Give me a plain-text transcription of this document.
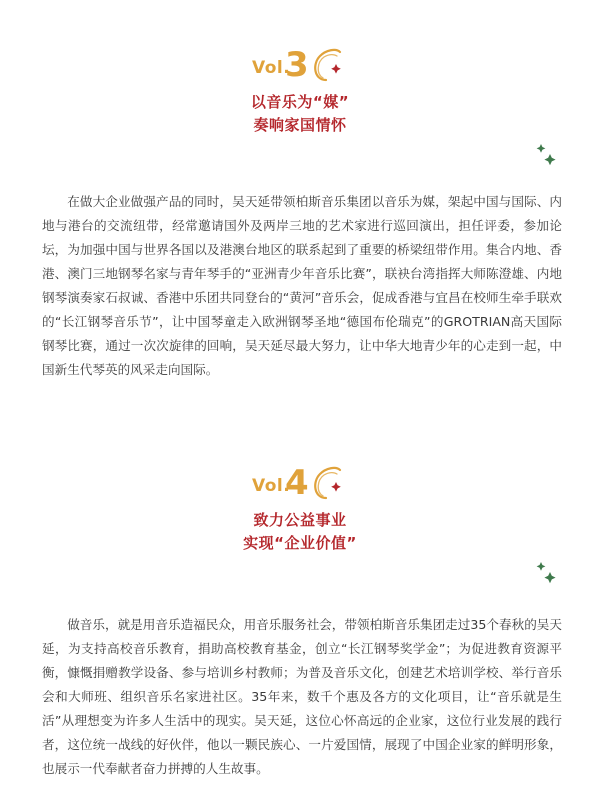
Vol.
3
以音乐为“媒”
奏响家国情怀

在做大企业做强产品的同时，吴天延带领柏斯音乐集团以音乐为媒，架起中国与国际、内地与港台的交流纽带，经常邀请国外及两岸三地的艺术家进行巡回演出，担任评委，参加论坛，为加强中国与世界各国以及港澳台地区的联系起到了重要的桥梁纽带作用。集合内地、香港、澳门三地钢琴名家与青年琴手的“亚洲青少年音乐比赛”，联袂台湾指挥大师陈澄雄、内地钢琴演奏家石叔诚、香港中乐团共同登台的“黄河”音乐会，促成香港与宜昌在校师生牵手联欢的“长江钢琴音乐节”，让中国琴童走入欧洲钢琴圣地“德国布伦瑞克”的GROTRIAN高天国际钢琴比赛，通过一次次旋律的回响，吴天延尽最大努力，让中华大地青少年的心走到一起，中国新生代琴英的风采走向国际。

Vol.
4
致力公益事业
实现“企业价值”

做音乐，就是用音乐造福民众，用音乐服务社会，带领柏斯音乐集团走过35个春秋的吴天延，为支持高校音乐教育，捐助高校教育基金，创立“长江钢琴奖学金”；为促进教育资源平衡，慷慨捐赠教学设备、参与培训乡村教师；为普及音乐文化，创建艺术培训学校、举行音乐会和大师班、组织音乐名家进社区。35年来，数千个惠及各方的文化项目，让“音乐就是生活”从理想变为许多人生活中的现实。吴天延，这位心怀高远的企业家，这位行业发展的践行者，这位统一战线的好伙伴，他以一颗民族心、一片爱国情，展现了中国企业家的鲜明形象，也展示一代奉献者奋力拼搏的人生故事。
